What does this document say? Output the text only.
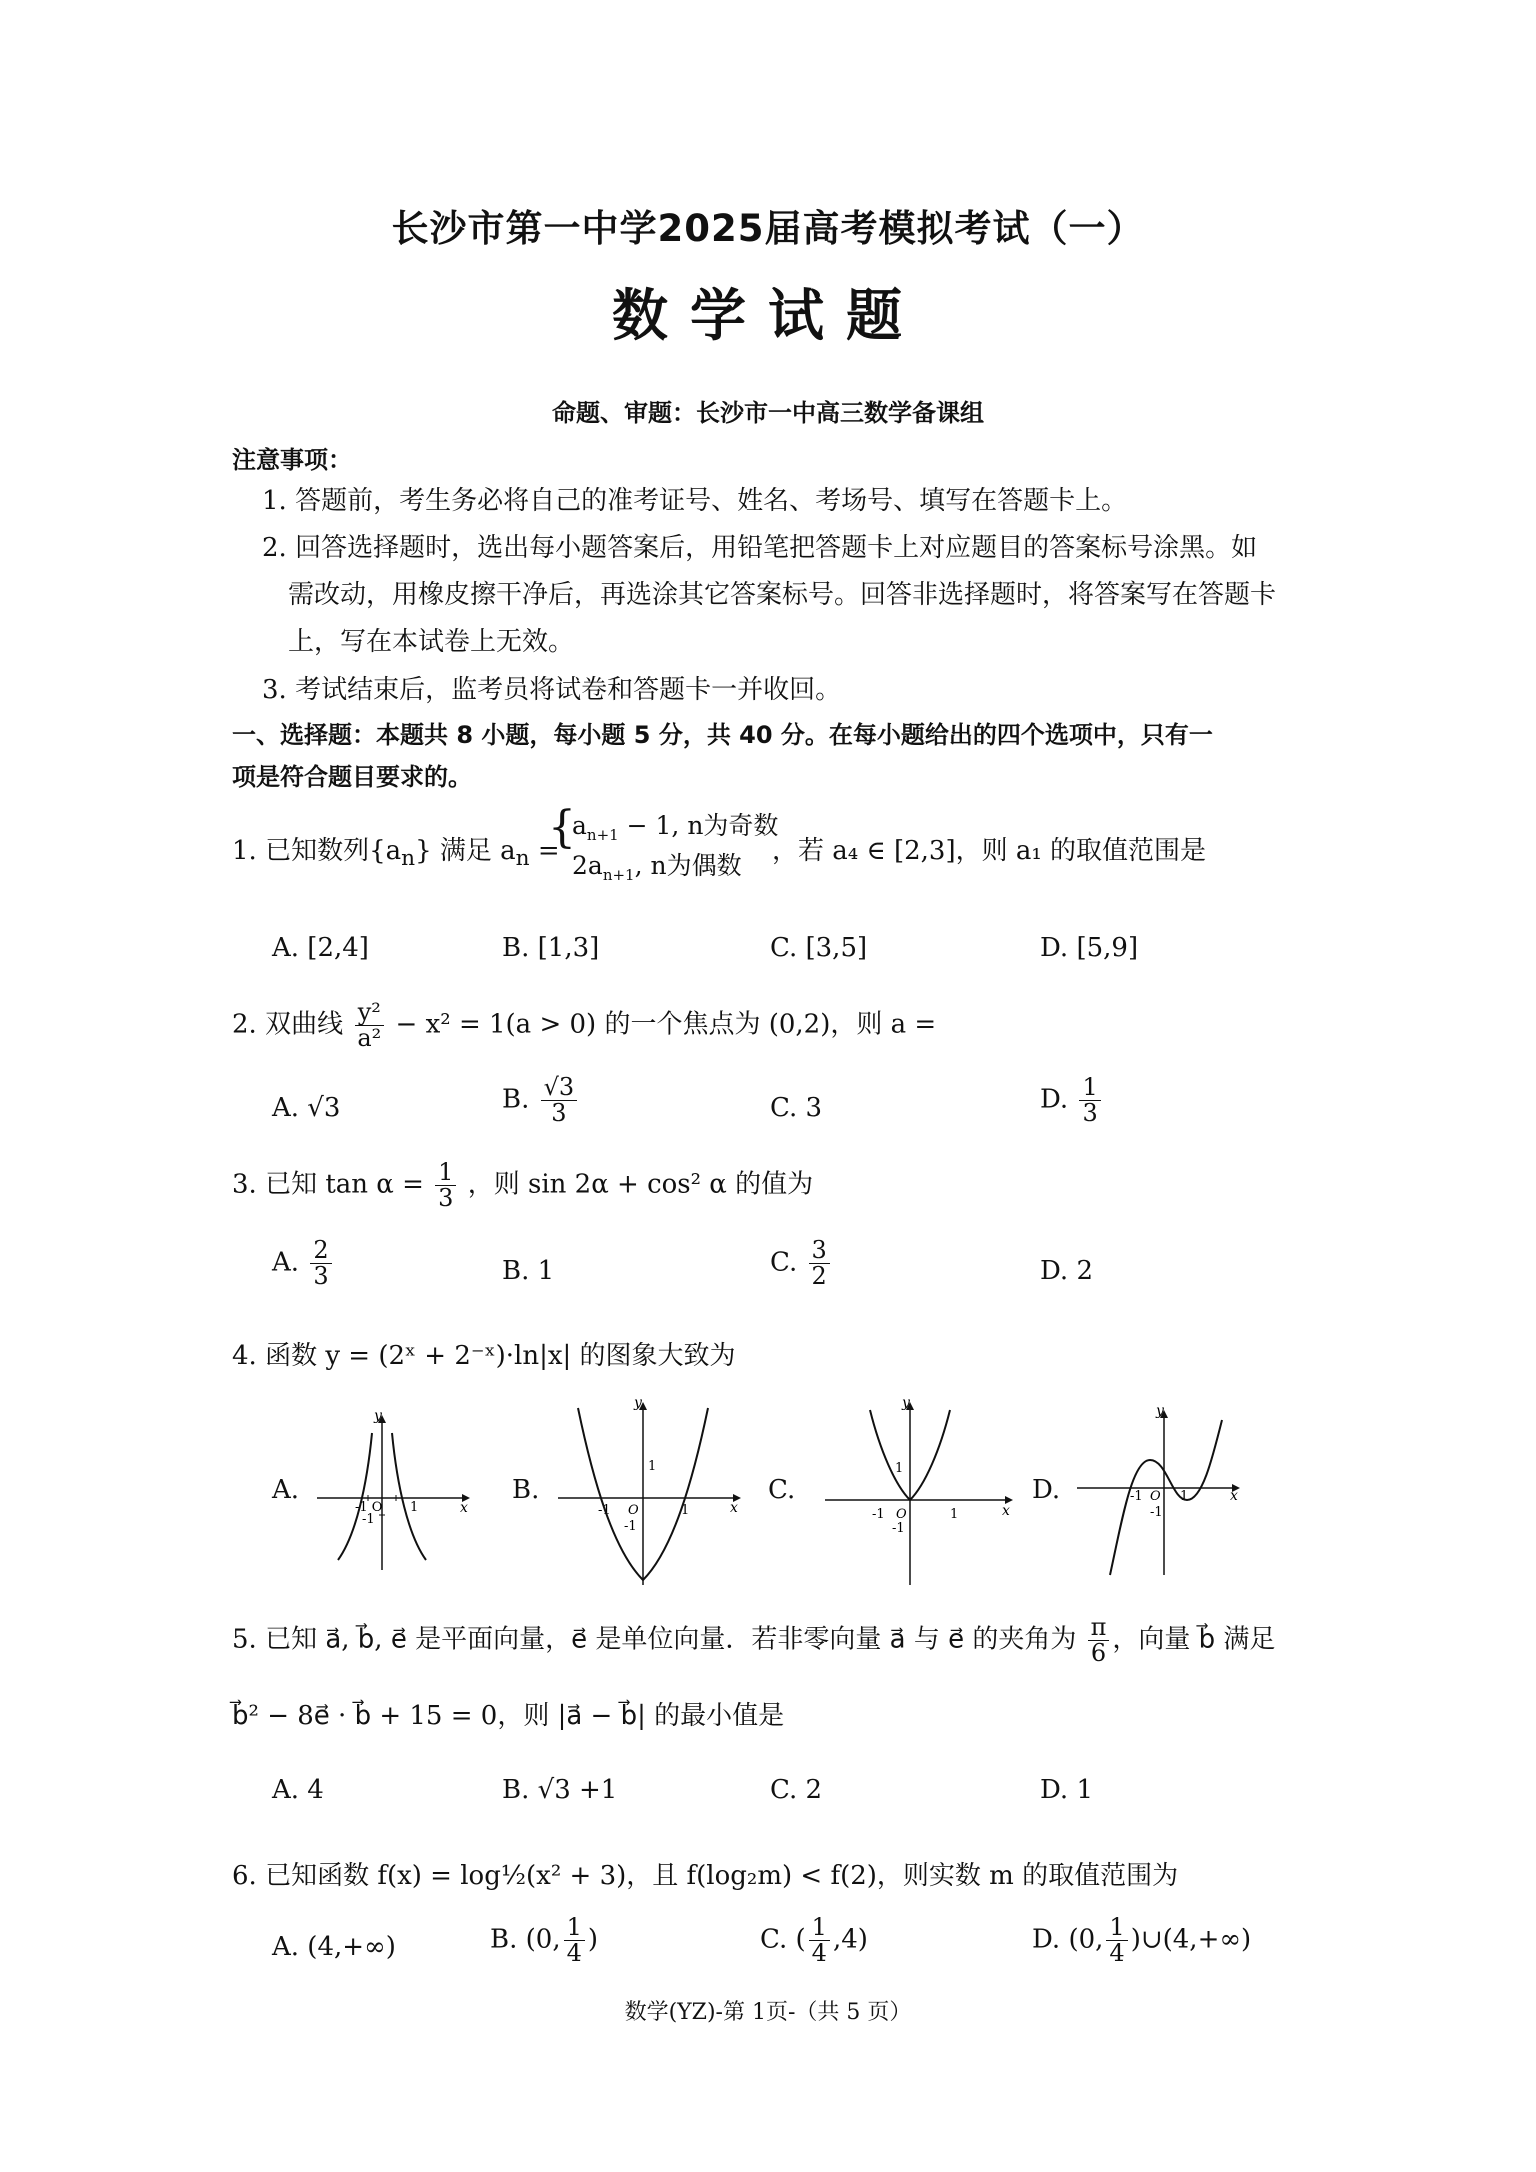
长沙市第一中学2025届高考模拟考试（一）
数学试题
命题、审题：长沙市一中高三数学备课组
注意事项：
1. 答题前，考生务必将自己的准考证号、姓名、考场号、填写在答题卡上。
2. 回答选择题时，选出每小题答案后，用铅笔把答题卡上对应题目的答案标号涂黑。如
需改动，用橡皮擦干净后，再选涂其它答案标号。回答非选择题时，将答案写在答题卡
上，写在本试卷上无效。
3. 考试结束后，监考员将试卷和答题卡一并收回。
一、选择题：本题共 8 小题，每小题 5 分，共 40 分。在每小题给出的四个选项中，只有一
项是符合题目要求的。
1. 已知数列$\{a_n\}$ 满足 $a_n$ =
{
$a_{n+1} - 1$, n为奇数
$2a_{n+1}$, n为偶数 ，若 a₄ ∈ [2,3]，则 a₁ 的取值范围是
A. [2,4]	B. [1,3]	C. [3,5]	D. [5,9]
2. 双曲线 $\frac{\text{y²}}{\text{a²}} - x^2 = 1(a > 0)$ 的一个焦点为 (0,2)，则 a =
A. √3	B. $\frac{√3}{3}$	C. 3	D. $\frac{1}{3}$
3. 已知 $\tan \alpha = \frac{1}{3}$ ，则 sin 2α + cos² α 的值为
A. $\frac{2}{3}$	B. 1	C. $\frac{3}{2}$	D. 2
4. 函数 y = (2ˣ + 2⁻ˣ)·ln|x| 的图象大致为
A.
y
x
-1 O 1
-1
B.
y
x
1
-1 O	1
-1
C.
y
x
1
-1 O	1
-1
D.
y
x
-1 O 1
-1
5. 已知 a⃗, b⃗, e⃗ 是平面向量，e⃗ 是单位向量．若非零向量 a⃗ 与 e⃗ 的夹角为 $\frac{\pi}{6}$ ，向量 b⃗ 满足
b⃗² − 8e⃗ · b⃗ + 15 = 0，则 |a⃗ − b⃗| 的最小值是
A. 4	B. √3 +1	C. 2	D. 1
6. 已知函数 f(x) = log½(x² + 3)，且 f(log₂m) < f(2)，则实数 m 的取值范围为
A. (4,+∞)	B. (0, $\frac{1}{4}$ )	C. ( $\frac{1}{4} ,4$)	D. (0, $\frac{1}{4}$ )∪(4,+∞)
数学(YZ)-第 1页-（共 5 页）
